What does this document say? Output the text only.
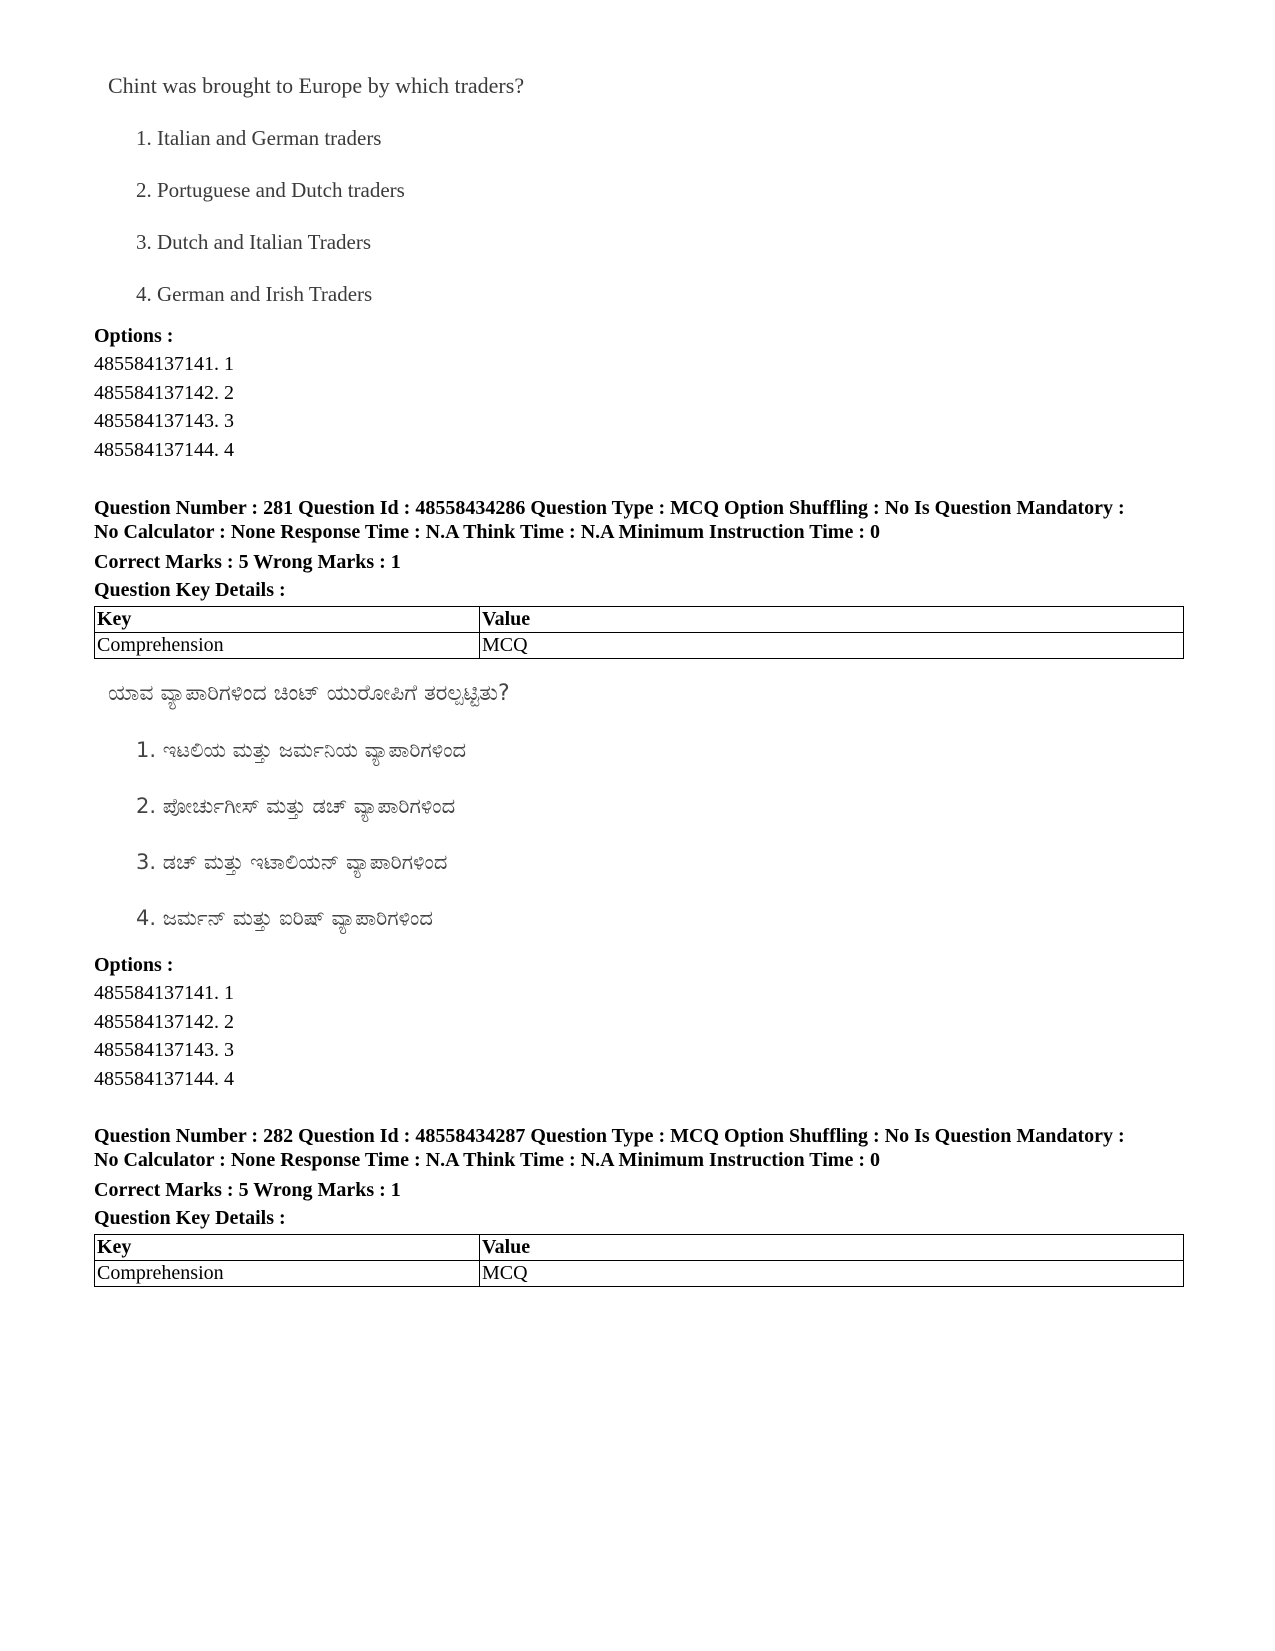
Chint was brought to Europe by which traders?
1. Italian and German traders
2. Portuguese and Dutch traders
3. Dutch and Italian Traders
4. German and Irish Traders
Options :
485584137141. 1
485584137142. 2
485584137143. 3
485584137144. 4
Question Number : 281 Question Id : 48558434286 Question Type : MCQ Option Shuffling : No Is Question Mandatory :
No Calculator : None Response Time : N.A Think Time : N.A Minimum Instruction Time : 0
Correct Marks : 5 Wrong Marks : 1
Question Key Details :
Key	Value
Comprehension	MCQ
ಯಾವ ವ್ಯಾಪಾರಿಗಳಿಂದ ಚಿಂಟ್ ಯುರೋಪಿಗೆ ತರಲ್ಪಟ್ಟಿತು?
1. ಇಟಲಿಯ ಮತ್ತು ಜರ್ಮನಿಯ ವ್ಯಾಪಾರಿಗಳಿಂದ
2. ಪೋರ್ಚುಗೀಸ್ ಮತ್ತು ಡಚ್ ವ್ಯಾಪಾರಿಗಳಿಂದ
3. ಡಚ್ ಮತ್ತು ಇಟಾಲಿಯನ್ ವ್ಯಾಪಾರಿಗಳಿಂದ
4. ಜರ್ಮನ್ ಮತ್ತು ಐರಿಷ್ ವ್ಯಾಪಾರಿಗಳಿಂದ
Options :
485584137141. 1
485584137142. 2
485584137143. 3
485584137144. 4
Question Number : 282 Question Id : 48558434287 Question Type : MCQ Option Shuffling : No Is Question Mandatory :
No Calculator : None Response Time : N.A Think Time : N.A Minimum Instruction Time : 0
Correct Marks : 5 Wrong Marks : 1
Question Key Details :
Key	Value
Comprehension	MCQ
